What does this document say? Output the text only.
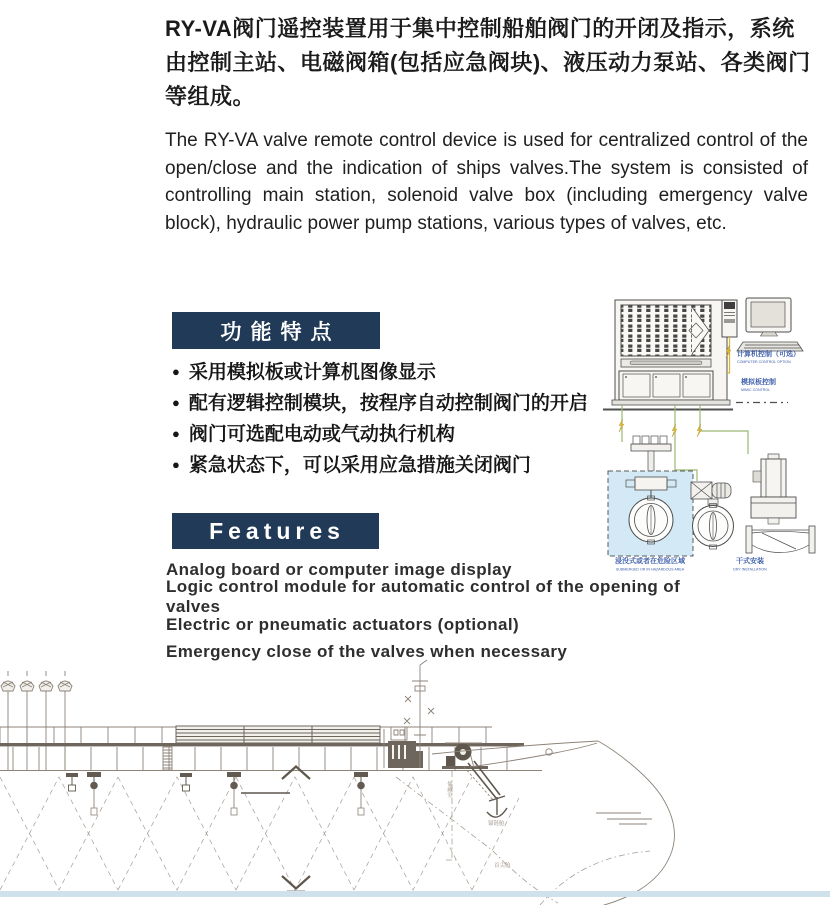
RY-VA阀门遥控装置用于集中控制船舶阀门的开闭及指示，系统由控制主站、电磁阀箱(包括应急阀块)、液压动力泵站、各类阀门等组成。

The RY-VA valve remote control device is used for centralized control of the open/close and the indication of ships valves.The system is consisted of controlling main station, solenoid valve box (including emergency valve block), hydraulic power pump stations, various types of valves, etc.

功能特点
● 采用模拟板或计算机图像显示
● 配有逻辑控制模块，按程序自动控制阀门的开启
● 阀门可选配电动或气动执行机构
● 紧急状态下，可以采用应急措施关闭阀门
Features
Analog board or computer image display
Logic control module for automatic control of the opening of valves
Electric or pneumatic actuators (optional)
Emergency close of the valves when necessary
计算机控制（可选）
COMPUTER CONTROL OPTION
模拟板控制
MIMIC CONTROL
浸没式或者在危险区域
SUBMERGED OR IN HAZARDOUS AREA
干式安装
DRY INSTALLATION
储藏室
锚链舱
首尖舱
